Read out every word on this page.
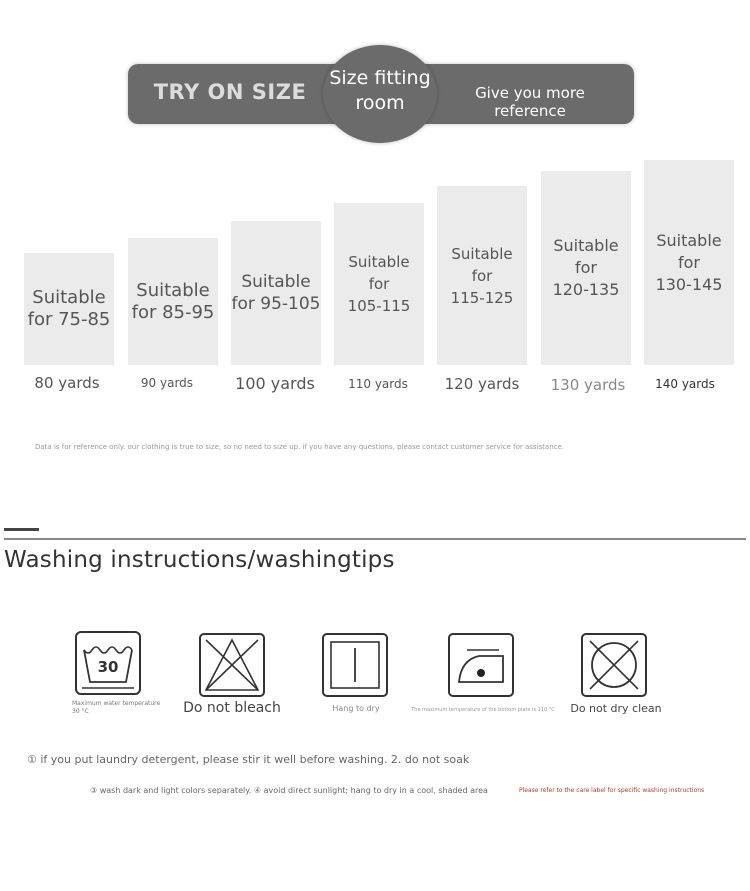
TRY ON SIZE
Size fitting
room	Give you more reference
Suitable
for 75-85
Suitable
for 85-95
Suitable
for 95-105
Suitable
for
105-115
Suitable
for
115-125
Suitable
for
120-135
Suitable
for
130-145
80 yards	90 yards	100 yards	110 yards	120 yards	130 yards	140 yards
Data is for reference only. our clothing is true to size, so no need to size up. if you have any questions, please contact customer service for assistance.
Washing instructions/washingtips
30
Maximum water temperature 30 °C	Do not bleach	Hang to dry	The maximum temperature of the bottom plate is 110 °C	Do not dry clean
① if you put laundry detergent, please stir it well before washing. 2. do not soak
③ wash dark and light colors separately. ④ avoid direct sunlight; hang to dry in a cool, shaded area	Please refer to the care label for specific washing instructions
